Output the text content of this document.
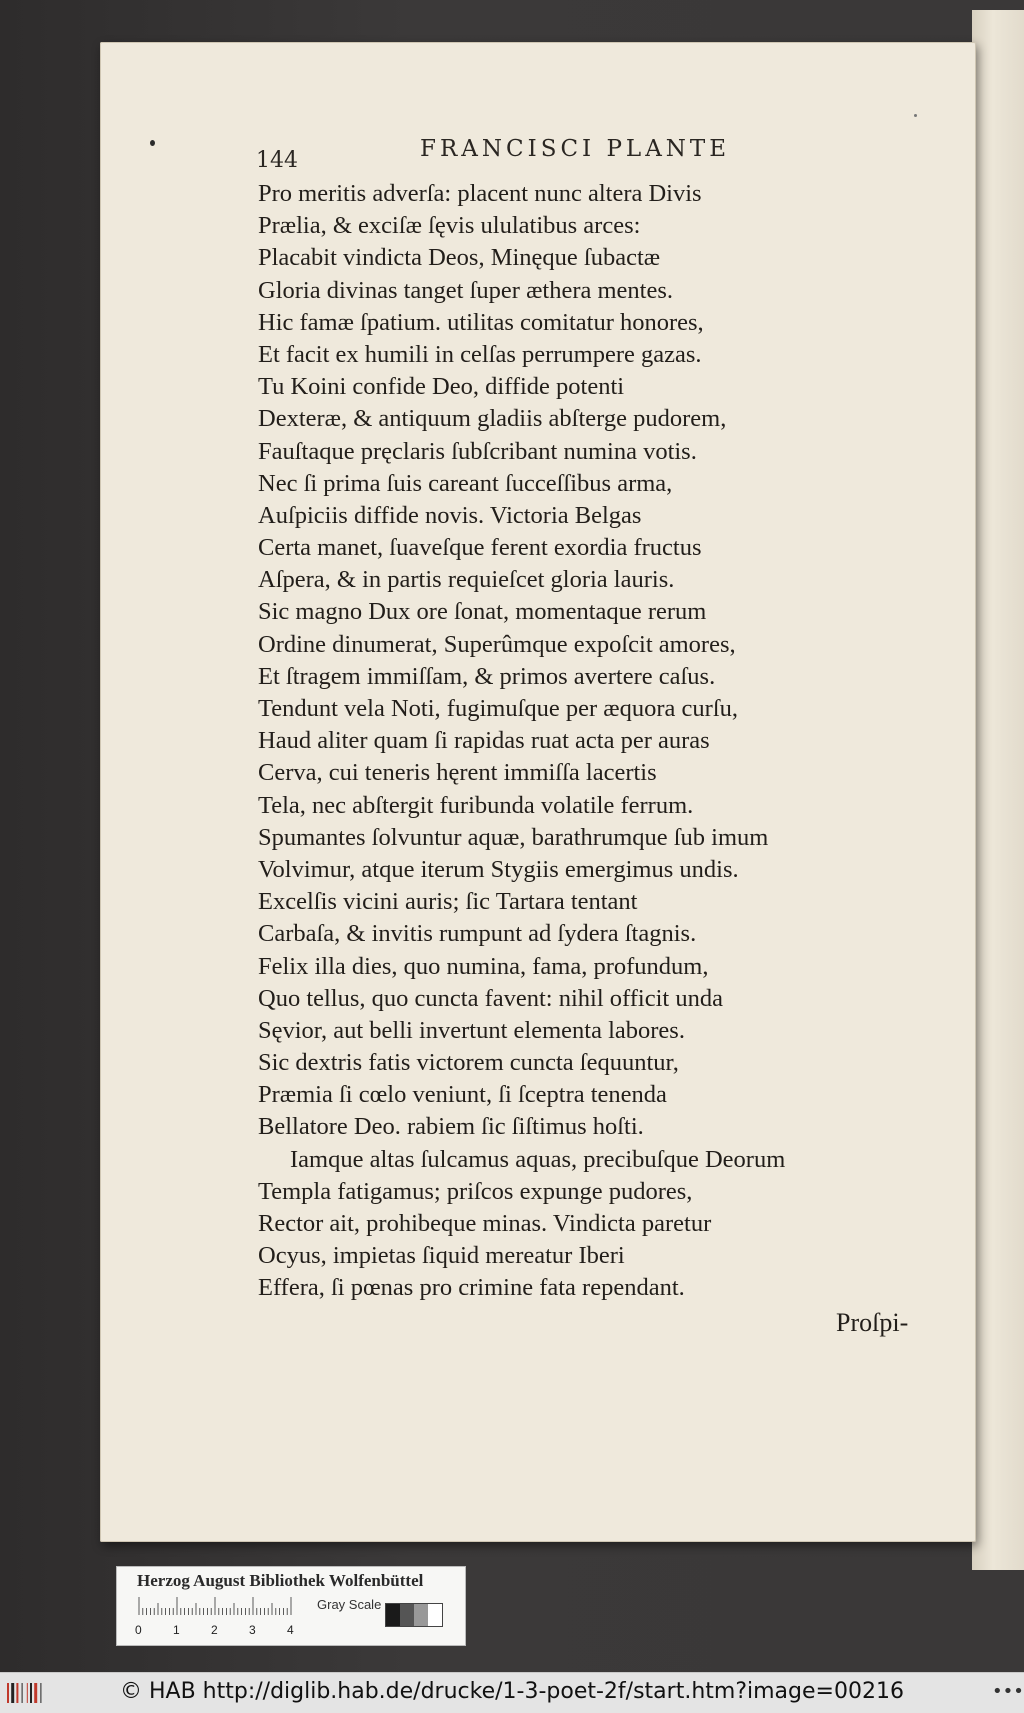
144	FRANCISCI PLANTE
Pro meritis adverſa: placent nunc altera Divis
Prælia, & exciſæ ſęvis ululatibus arces:
Placabit vindicta Deos, Minęque ſubactæ
Gloria divinas tanget ſuper æthera mentes.
Hic famæ ſpatium. utilitas comitatur honores,
Et facit ex humili in celſas perrumpere gazas.
Tu Koini confide Deo, diffide potenti
Dexteræ, & antiquum gladiis abſterge pudorem,
Fauſtaque pręclaris ſubſcribant numina votis.
Nec ſi prima ſuis careant ſucceſſibus arma,
Auſpiciis diffide novis. Victoria Belgas
Certa manet, ſuaveſque ferent exordia fructus
Aſpera, & in partis requieſcet gloria lauris.
Sic magno Dux ore ſonat, momentaque rerum
Ordine dinumerat, Superûmque expoſcit amores,
Et ſtragem immiſſam, & primos avertere caſus.
Tendunt vela Noti, fugimuſque per æquora curſu,
Haud aliter quam ſi rapidas ruat acta per auras
Cerva, cui teneris hęrent immiſſa lacertis
Tela, nec abſtergit furibunda volatile ferrum.
Spumantes ſolvuntur aquæ, barathrumque ſub imum
Volvimur, atque iterum Stygiis emergimus undis.
Excelſis vicini auris; ſic Tartara tentant
Carbaſa, & invitis rumpunt ad ſydera ſtagnis.
Felix illa dies, quo numina, fama, profundum,
Quo tellus, quo cuncta favent: nihil officit unda
Sęvior, aut belli invertunt elementa labores.
Sic dextris fatis victorem cuncta ſequuntur,
Præmia ſi cœlo veniunt, ſi ſceptra tenenda
Bellatore Deo. rabiem ſic ſiſtimus hoſti.
Iamque altas ſulcamus aquas, precibuſque Deorum
Templa fatigamus; priſcos expunge pudores,
Rector ait, prohibeque minas. Vindicta paretur
Ocyus, impietas ſiquid mereatur Iberi
Effera, ſi pœnas pro crimine fata rependant.
Proſpi-
Herzog August Bibliothek Wolfenbüttel
0	1	2	3	4
Gray Scale
© HAB http://diglib.hab.de/drucke/1-3-poet-2f/start.htm?image=00216	•••
